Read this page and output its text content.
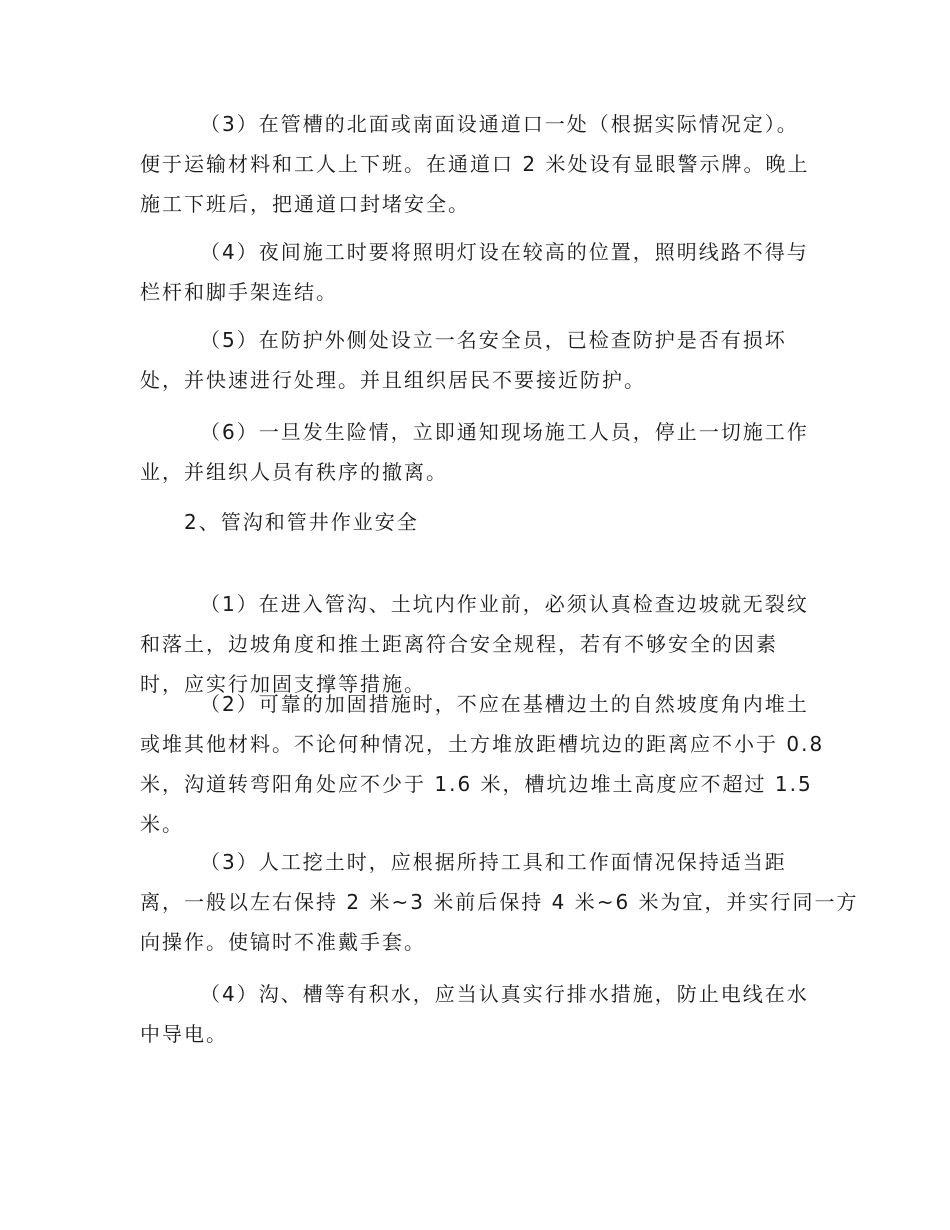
（3）在管槽的北面或南面设通道口一处（根据实际情况定）。
便于运输材料和工人上下班。在通道口 2 米处设有显眼警示牌。晚上
施工下班后，把通道口封堵安全。
（4）夜间施工时要将照明灯设在较高的位置，照明线路不得与
栏杆和脚手架连结。
（5）在防护外侧处设立一名安全员，已检查防护是否有损坏
处，并快速进行处理。并且组织居民不要接近防护。
（6）一旦发生险情，立即通知现场施工人员，停止一切施工作
业，并组织人员有秩序的撤离。
2、管沟和管井作业安全
（1）在进入管沟、土坑内作业前，必须认真检查边坡就无裂纹
和落土，边坡角度和推土距离符合安全规程，若有不够安全的因素
时，应实行加固支撑等措施。
（2）可靠的加固措施时，不应在基槽边土的自然坡度角内堆土
或堆其他材料。不论何种情况，土方堆放距槽坑边的距离应不小于 0.8
米，沟道转弯阳角处应不少于 1.6 米，槽坑边堆土高度应不超过 1.5
米。
（3）人工挖土时，应根据所持工具和工作面情况保持适当距
离，一般以左右保持 2 米~3 米前后保持 4 米~6 米为宜，并实行同一方
向操作。使镐时不准戴手套。
（4）沟、槽等有积水，应当认真实行排水措施，防止电线在水
中导电。
